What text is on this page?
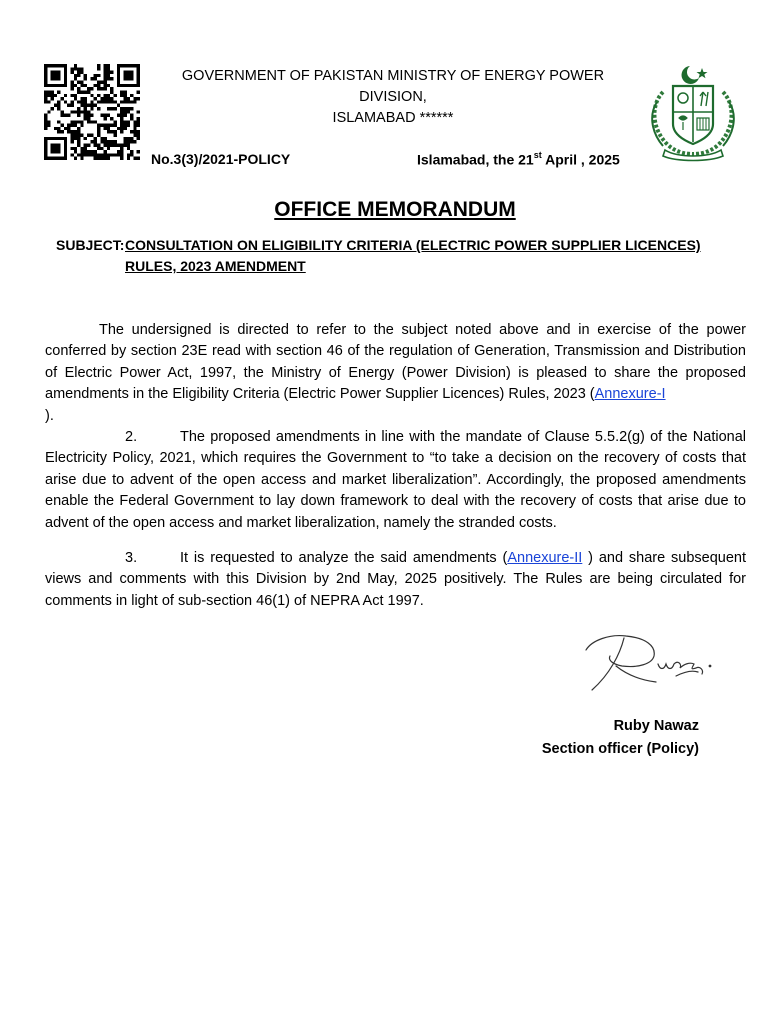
GOVERNMENT OF PAKISTAN MINISTRY OF ENERGY POWER DIVISION,
ISLAMABAD ******
No.3(3)/2021-POLICY	Islamabad, the 21st April , 2025
OFFICE MEMORANDUM
SUBJECT: CONSULTATION ON ELIGIBILITY CRITERIA (ELECTRIC POWER SUPPLIER LICENCES) RULES, 2023 AMENDMENT
The undersigned is directed to refer to the subject noted above and in exercise of the power conferred by section 23E read with section 46 of the regulation of Generation, Transmission and Distribution of Electric Power Act, 1997, the Ministry of Energy (Power Division) is pleased to share the proposed amendments in the Eligibility Criteria (Electric Power Supplier Licences) Rules, 2023 (Annexure-I
).
2.	The proposed amendments in line with the mandate of Clause 5.5.2(g) of the National Electricity Policy, 2021, which requires the Government to “to take a decision on the recovery of costs that arise due to advent of the open access and market liberalization”. Accordingly, the proposed amendments enable the Federal Government to lay down framework to deal with the recovery of costs that arise due to advent of the open access and market liberalization, namely the stranded costs.
3.	It is requested to analyze the said amendments (Annexure-II ) and share subsequent views and comments with this Division by 2nd May, 2025 positively. The Rules are being circulated for comments in light of sub-section 46(1) of NEPRA Act 1997.
Ruby Nawaz
Section officer (Policy)
